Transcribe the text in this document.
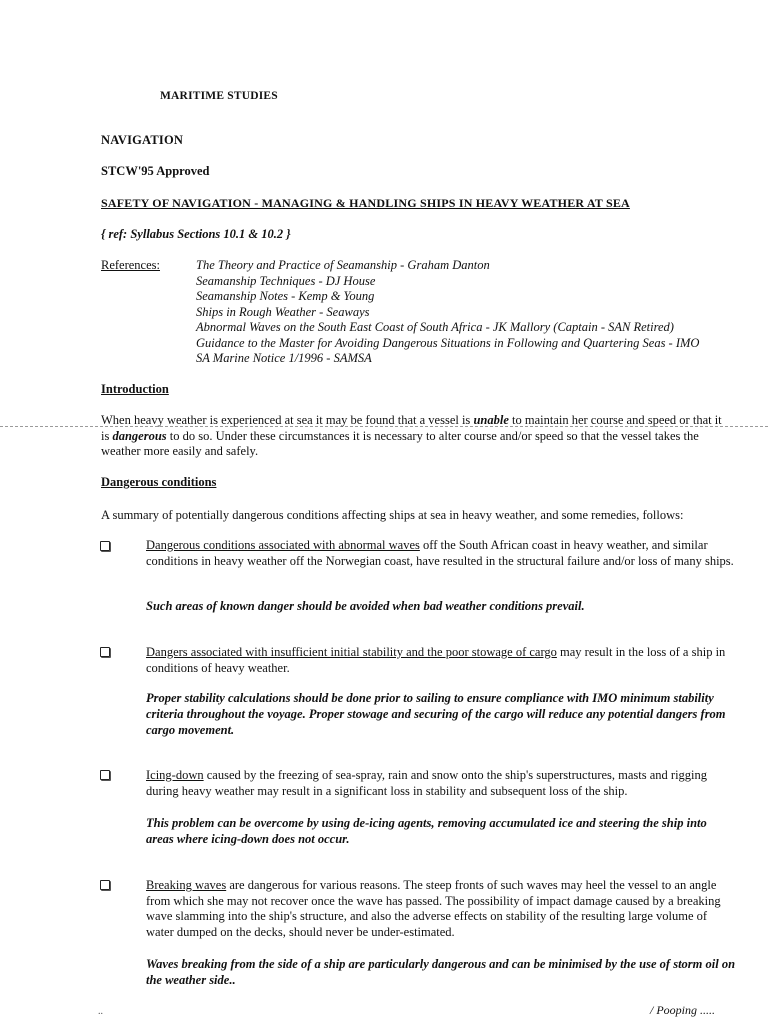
MARITIME STUDIES
NAVIGATION
STCW'95 Approved
SAFETY OF NAVIGATION - MANAGING & HANDLING SHIPS IN HEAVY WEATHER AT SEA
{ ref: Syllabus Sections 10.1 & 10.2 }
References:	The Theory and Practice of Seamanship - Graham Danton
Seamanship Techniques - DJ House
Seamanship Notes - Kemp & Young
Ships in Rough Weather - Seaways
Abnormal Waves on the South East Coast of South Africa - JK Mallory (Captain - SAN Retired)
Guidance to the Master for Avoiding Dangerous Situations in Following and Quartering Seas - IMO
SA Marine Notice 1/1996 - SAMSA
Introduction
When heavy weather is experienced at sea it may be found that a vessel is unable to maintain her course and speed or that it is dangerous to do so. Under these circumstances it is necessary to alter course and/or speed so that the vessel takes the weather more easily and safely.
Dangerous conditions
A summary of potentially dangerous conditions affecting ships at sea in heavy weather, and some remedies, follows:
Dangerous conditions associated with abnormal waves off the South African coast in heavy weather, and similar conditions in heavy weather off the Norwegian coast, have resulted in the structural failure and/or loss of many ships.
Such areas of known danger should be avoided when bad weather conditions prevail.
Dangers associated with insufficient initial stability and the poor stowage of cargo may result in the loss of a ship in conditions of heavy weather.
Proper stability calculations should be done prior to sailing to ensure compliance with IMO minimum stability criteria throughout the voyage. Proper stowage and securing of the cargo will reduce any potential dangers from cargo movement.
Icing-down caused by the freezing of sea-spray, rain and snow onto the ship's superstructures, masts and rigging during heavy weather may result in a significant loss in stability and subsequent loss of the ship.
This problem can be overcome by using de-icing agents, removing accumulated ice and steering the ship into areas where icing-down does not occur.
Breaking waves are dangerous for various reasons. The steep fronts of such waves may heel the vessel to an angle from which she may not recover once the wave has passed. The possibility of impact damage caused by a breaking wave slamming into the ship's structure, and also the adverse effects on stability of the resulting large volume of water dumped on the decks, should never be under-estimated.
Waves breaking from the side of a ship are particularly dangerous and can be minimised by the use of storm oil on the weather side..
..	/ Pooping .....
